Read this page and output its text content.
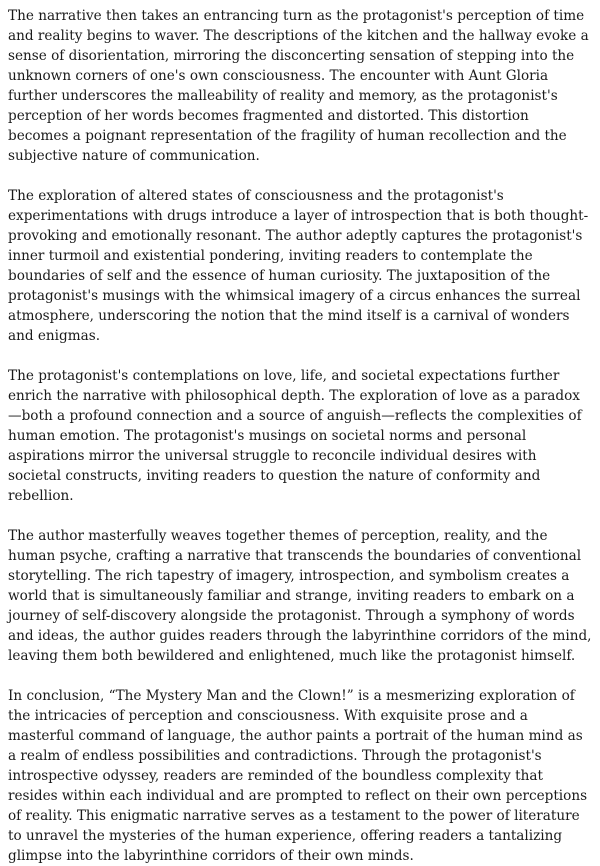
The narrative then takes an entrancing turn as the protagonist's perception of time and reality begins to waver. The descriptions of the kitchen and the hallway evoke a sense of disorientation, mirroring the disconcerting sensation of stepping into the unknown corners of one's own consciousness. The encounter with Aunt Gloria further underscores the malleability of reality and memory, as the protagonist's perception of her words becomes fragmented and distorted. This distortion becomes a poignant representation of the fragility of human recollection and the subjective nature of communication.

The exploration of altered states of consciousness and the protagonist's experimentations with drugs introduce a layer of introspection that is both thought-provoking and emotionally resonant. The author adeptly captures the protagonist's inner turmoil and existential pondering, inviting readers to contemplate the boundaries of self and the essence of human curiosity. The juxtaposition of the protagonist's musings with the whimsical imagery of a circus enhances the surreal atmosphere, underscoring the notion that the mind itself is a carnival of wonders and enigmas.

The protagonist's contemplations on love, life, and societal expectations further enrich the narrative with philosophical depth. The exploration of love as a paradox—both a profound connection and a source of anguish—reflects the complexities of human emotion. The protagonist's musings on societal norms and personal aspirations mirror the universal struggle to reconcile individual desires with societal constructs, inviting readers to question the nature of conformity and rebellion.

The author masterfully weaves together themes of perception, reality, and the human psyche, crafting a narrative that transcends the boundaries of conventional storytelling. The rich tapestry of imagery, introspection, and symbolism creates a world that is simultaneously familiar and strange, inviting readers to embark on a journey of self-discovery alongside the protagonist. Through a symphony of words and ideas, the author guides readers through the labyrinthine corridors of the mind, leaving them both bewildered and enlightened, much like the protagonist himself.

In conclusion, “The Mystery Man and the Clown!” is a mesmerizing exploration of the intricacies of perception and consciousness. With exquisite prose and a masterful command of language, the author paints a portrait of the human mind as a realm of endless possibilities and contradictions. Through the protagonist's introspective odyssey, readers are reminded of the boundless complexity that resides within each individual and are prompted to reflect on their own perceptions of reality. This enigmatic narrative serves as a testament to the power of literature to unravel the mysteries of the human experience, offering readers a tantalizing glimpse into the labyrinthine corridors of their own minds.
